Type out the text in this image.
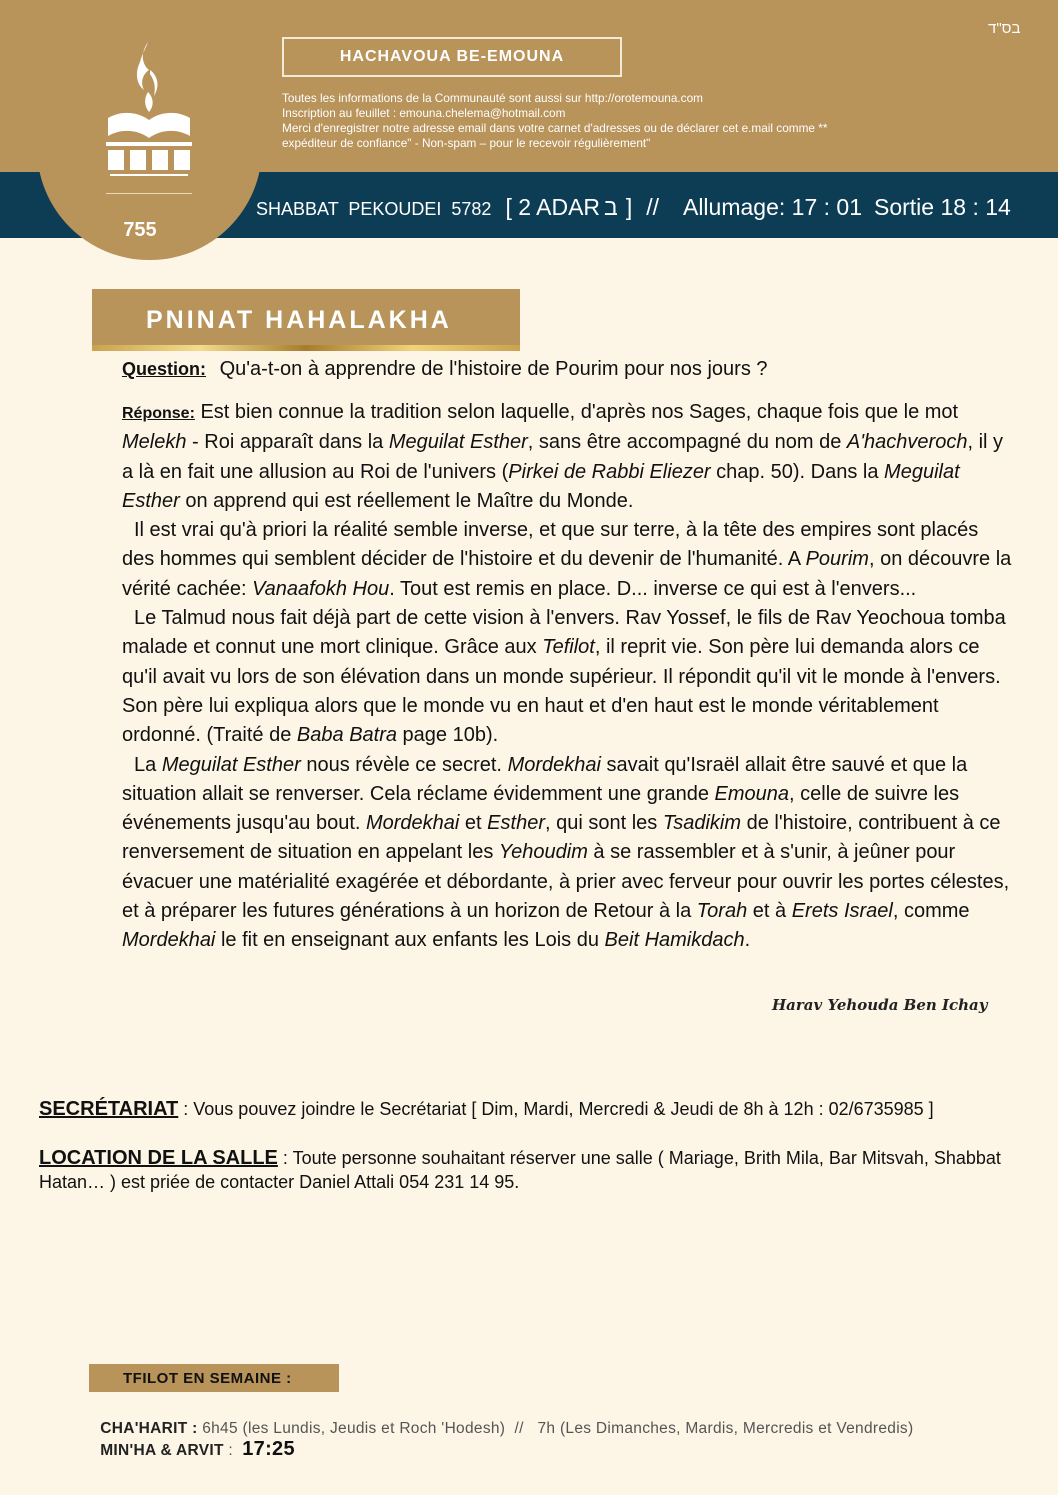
755
בס"ד
HACHAVOUA BE-EMOUNA
Toutes les informations de la Communauté sont aussi sur http://orotemouna.com
Inscription au feuillet : emouna.chelema@hotmail.com
Merci d'enregistrer notre adresse email dans votre carnet d'adresses ou de déclarer cet e.mail comme **
expéditeur de confiance" - Non-spam – pour le recevoir régulièrement"
SHABBAT  PEKOUDEI  5782 [ 2 ADAR ב ] // Allumage: 17 : 01 Sortie 18 : 14
PNINAT HAHALAKHA
Question: Qu'a-t-on à apprendre de l'histoire de Pourim pour nos jours ?

Réponse: Est bien connue la tradition selon laquelle, d'après nos Sages, chaque fois que le mot Melekh - Roi apparaît dans la Meguilat Esther, sans être accompagné du nom de A'hachveroch, il y a là en fait une allusion au Roi de l'univers (Pirkei de Rabbi Eliezer chap. 50). Dans la Meguilat Esther on apprend qui est réellement le Maître du Monde.

Il est vrai qu'à priori la réalité semble inverse, et que sur terre, à la tête des empires sont placés des hommes qui semblent décider de l'histoire et du devenir de l'humanité. A Pourim, on découvre la vérité cachée: Vanaafokh Hou. Tout est remis en place. D... inverse ce qui est à l'envers...

Le Talmud nous fait déjà part de cette vision à l'envers. Rav Yossef, le fils de Rav Yeochoua tomba malade et connut une mort clinique. Grâce aux Tefilot, il reprit vie. Son père lui demanda alors ce qu'il avait vu lors de son élévation dans un monde supérieur. Il répondit qu'il vit le monde à l'envers. Son père lui expliqua alors que le monde vu en haut et d'en haut est le monde véritablement ordonné. (Traité de Baba Batra page 10b).

La Meguilat Esther nous révèle ce secret. Mordekhai savait qu'Israël allait être sauvé et que la situation allait se renverser. Cela réclame évidemment une grande Emouna, celle de suivre les événements jusqu'au bout. Mordekhai et Esther, qui sont les Tsadikim de l'histoire, contribuent à ce renversement de situation en appelant les Yehoudim à se rassembler et à s'unir, à jeûner pour évacuer une matérialité exagérée et débordante, à prier avec ferveur pour ouvrir les portes célestes, et à préparer les futures générations à un horizon de Retour à la Torah et à Erets Israel, comme Mordekhai le fit en enseignant aux enfants les Lois du Beit Hamikdach.

Harav Yehouda Ben Ichay
SECRÉTARIAT : Vous pouvez joindre le Secrétariat [ Dim, Mardi, Mercredi & Jeudi de 8h à 12h : 02/6735985 ]
LOCATION DE LA SALLE : Toute personne souhaitant réserver une salle ( Mariage, Brith Mila, Bar Mitsvah, Shabbat Hatan… ) est priée de contacter Daniel Attali 054 231 14 95.
TFILOT EN SEMAINE :

CHA'HARIT : 6h45 (les Lundis, Jeudis et Roch 'Hodesh)  //   7h (Les Dimanches, Mardis, Mercredis et Vendredis)

MIN'HA & ARVIT :  17:25
